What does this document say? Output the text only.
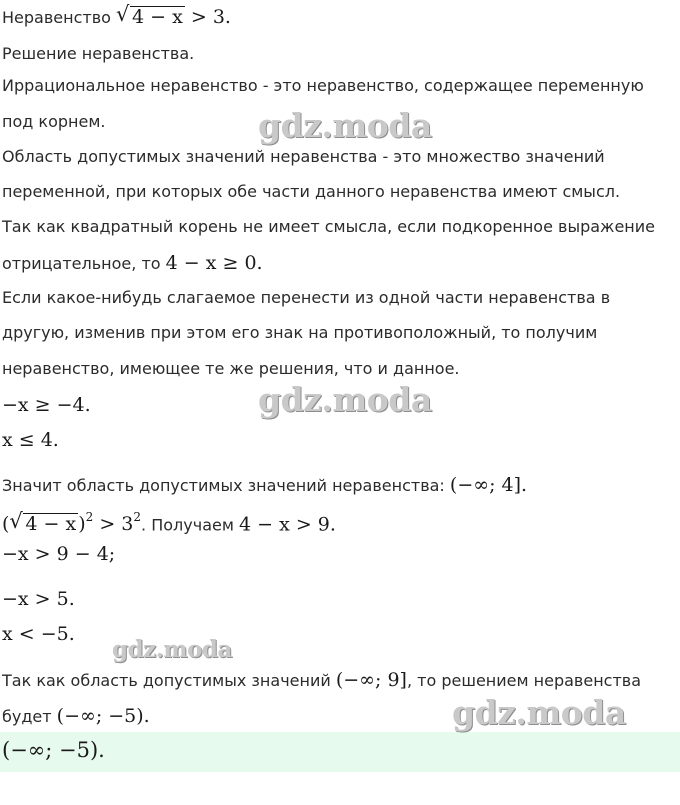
Неравенство √ 4 − x > 3.
Решение неравенства.
Иррациональное неравенство - это неравенство, содержащее переменную
под корнем.
Область допустимых значений неравенства - это множество значений
переменной, при которых обе части данного неравенства имеют смысл.
Так как квадратный корень не имеет смысла, если подкоренное выражение
отрицательное, то 4 − x ≥ 0.
Если какое-нибудь слагаемое перенести из одной части неравенства в
другую, изменив при этом его знак на противоположный, то получим
неравенство, имеющее те же решения, что и данное.
−x ≥ −4.
x ≤ 4.
Значит область допустимых значений неравенства: (−∞; 4].
( √ 4 − x )$^2 > 3^2$. Получаем 4 − x > 9.
−x > 9 − 4;
−x > 5.
x < −5.
Так как область допустимых значений (−∞; 9], то решением неравенства
будет (−∞; −5).
(−∞; −5).
gdz.moda
gdz.moda
gdz.moda
gdz.moda
